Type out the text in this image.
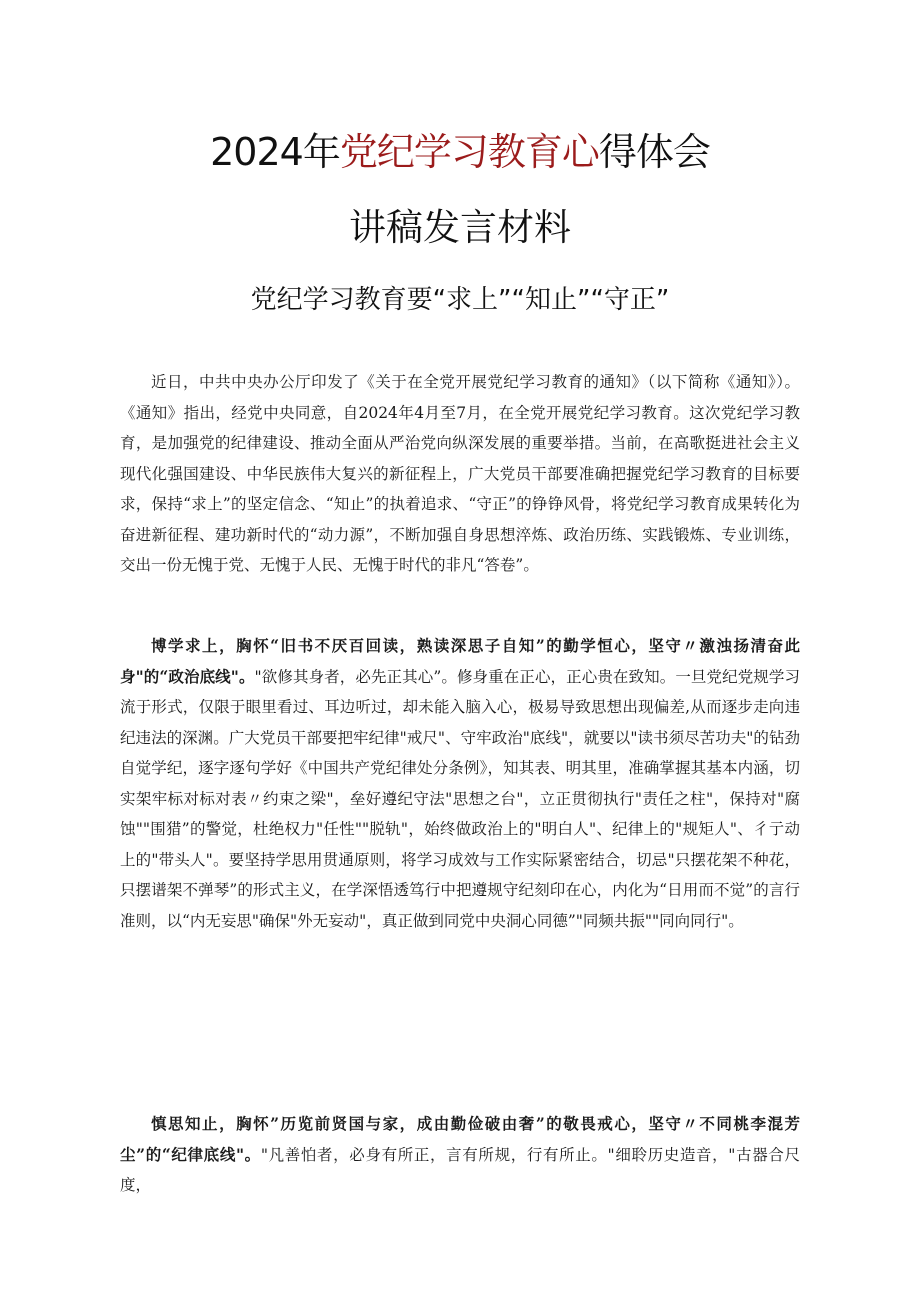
2024年党纪学习教育心得体会
讲稿发言材料
党纪学习教育要“求上”“知止”“守正”

近日，中共中央办公厅印发了《关于在全党开展党纪学习教育的通知》（以下简称《通知》）。《通知》指出，经党中央同意，自2024年4月至7月，在全党开展党纪学习教育。这次党纪学习教育，是加强党的纪律建设、推动全面从严治党向纵深发展的重要举措。当前，在高歌挺进社会主义现代化强国建设、中华民族伟大复兴的新征程上，广大党员干部要准确把握党纪学习教育的目标要求，保持“求上”的坚定信念、“知止”的执着追求、“守正”的铮铮风骨，将党纪学习教育成果转化为奋进新征程、建功新时代的“动力源”，不断加强自身思想淬炼、政治历练、实践锻炼、专业训练，交出一份无愧于党、无愧于人民、无愧于时代的非凡“答卷”。

博学求上，胸怀“旧书不厌百回读，熟读深思子自知”的勤学恒心，坚守〃激浊扬清奋此身"的“政治底线"。"欲修其身者，必先正其心”。修身重在正心，正心贵在致知。一旦党纪党规学习流于形式，仅限于眼里看过、耳边听过，却未能入脑入心，极易导致思想出现偏差,从而逐步走向违纪违法的深渊。广大党员干部要把牢纪律"戒尺"、守牢政治"底线"，就要以"读书须尽苦功夫"的钻劲自觉学纪，逐字逐句学好《中国共产党纪律处分条例》，知其表、明其里，准确掌握其基本内涵，切实架牢标对标对表〃约束之梁"，垒好遵纪守法"思想之台"，立正贯彻执行"责任之柱"，保持对"腐蚀""围猎”的警觉，杜绝权力"任性""脱轨"，始终做政治上的"明白人"、纪律上的"规矩人"、彳亍动上的"带头人"。要坚持学思用贯通原则，将学习成效与工作实际紧密结合，切忌"只摆花架不种花，只摆谱架不弹琴”的形式主义，在学深悟透笃行中把遵规守纪刻印在心，内化为“日用而不觉”的言行准则，以“内无妄思"确保"外无妄动"，真正做到同党中央洞心同德”"同频共振""同向同行"。

慎思知止，胸怀”历览前贤国与家，成由勤俭破由奢”的敬畏戒心，坚守〃不同桃李混芳尘”的“纪律底线"。"凡善怕者，必身有所正，言有所规，行有所止。"细聆历史造音，"古器合尺度，
